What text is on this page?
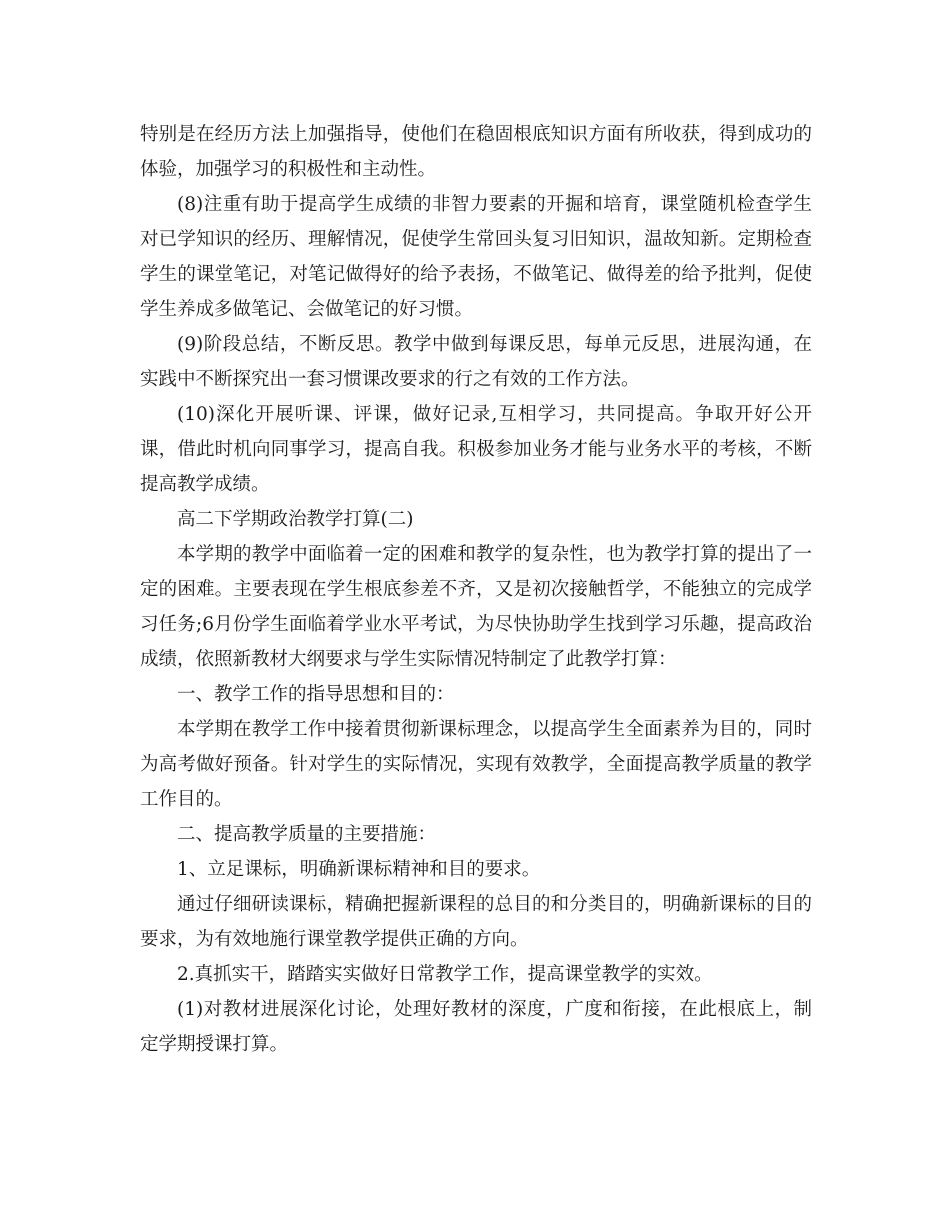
特别是在经历方法上加强指导，使他们在稳固根底知识方面有所收获，得到成功的体验，加强学习的积极性和主动性。

(8)注重有助于提高学生成绩的非智力要素的开掘和培育，课堂随机检查学生对已学知识的经历、理解情况，促使学生常回头复习旧知识，温故知新。定期检查学生的课堂笔记，对笔记做得好的给予表扬，不做笔记、做得差的给予批判，促使学生养成多做笔记、会做笔记的好习惯。

(9)阶段总结，不断反思。教学中做到每课反思，每单元反思，进展沟通，在实践中不断探究出一套习惯课改要求的行之有效的工作方法。

(10)深化开展听课、评课，做好记录,互相学习，共同提高。争取开好公开课，借此时机向同事学习，提高自我。积极参加业务才能与业务水平的考核，不断提高教学成绩。

高二下学期政治教学打算(二)

本学期的教学中面临着一定的困难和教学的复杂性，也为教学打算的提出了一定的困难。主要表现在学生根底参差不齐，又是初次接触哲学，不能独立的完成学习任务;6月份学生面临着学业水平考试，为尽快协助学生找到学习乐趣，提高政治成绩，依照新教材大纲要求与学生实际情况特制定了此教学打算：

一、教学工作的指导思想和目的：

本学期在教学工作中接着贯彻新课标理念，以提高学生全面素养为目的，同时为高考做好预备。针对学生的实际情况，实现有效教学，全面提高教学质量的教学工作目的。

二、提高教学质量的主要措施：

1、立足课标，明确新课标精神和目的要求。

通过仔细研读课标，精确把握新课程的总目的和分类目的，明确新课标的目的要求，为有效地施行课堂教学提供正确的方向。

2.真抓实干，踏踏实实做好日常教学工作，提高课堂教学的实效。

(1)对教材进展深化讨论，处理好教材的深度，广度和衔接，在此根底上，制定学期授课打算。
